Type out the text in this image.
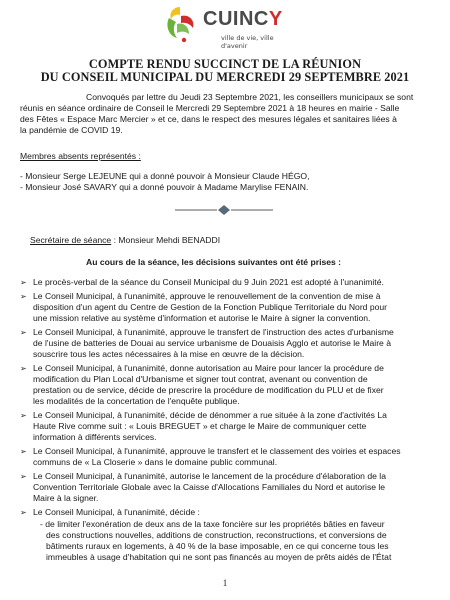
CUINCY
ville de vie, ville d'avenir
COMPTE RENDU SUCCINCT DE LA RÉUNION
DU CONSEIL MUNICIPAL DU MERCREDI 29 SEPTEMBRE 2021
Convoqués par lettre du Jeudi 23 Septembre 2021, les conseillers municipaux se sont
réunis en séance ordinaire de Conseil le Mercredi 29 Septembre 2021 à 18 heures en mairie - Salle
des Fêtes « Espace Marc Mercier » et ce, dans le respect des mesures légales et sanitaires liées à
la pandémie de COVID 19.
Membres absents représentés :
- Monsieur Serge LEJEUNE qui a donné pouvoir à Monsieur Claude HÉGO,
- Monsieur José SAVARY qui a donné pouvoir à Madame Marylise FENAIN.
Secrétaire de séance : Monsieur Mehdi BENADDI
Au cours de la séance, les décisions suivantes ont été prises :
➢ Le procès-verbal de la séance du Conseil Municipal du 9 Juin 2021 est adopté à l'unanimité.
➢ Le Conseil Municipal, à l'unanimité, approuve le renouvellement de la convention de mise à
disposition d'un agent du Centre de Gestion de la Fonction Publique Territoriale du Nord pour
une mission relative au système d'information et autorise le Maire à signer la convention.
➢ Le Conseil Municipal, à l'unanimité, approuve le transfert de l'instruction des actes d'urbanisme
de l'usine de batteries de Douai au service urbanisme de Douaisis Agglo et autorise le Maire à
souscrire tous les actes nécessaires à la mise en œuvre de la décision.
➢ Le Conseil Municipal, à l'unanimité, donne autorisation au Maire pour lancer la procédure de
modification du Plan Local d'Urbanisme et signer tout contrat, avenant ou convention de
prestation ou de service, décide de prescrire la procédure de modification du PLU et de fixer
les modalités de la concertation de l'enquête publique.
➢ Le Conseil Municipal, à l'unanimité, décide de dénommer a rue située à la zone d'activités La
Haute Rive comme suit : « Louis BREGUET » et charge le Maire de communiquer cette
information à différents services.
➢ Le Conseil Municipal, à l'unanimité, approuve le transfert et le classement des voiries et espaces
communs de « La Closerie » dans le domaine public communal.
➢ Le Conseil Municipal, à l'unanimité, autorise le lancement de la procédure d'élaboration de la
Convention Territoriale Globale avec la Caisse d'Allocations Familiales du Nord et autorise le
Maire à la signer.
➢ Le Conseil Municipal, à l'unanimité, décide :
- de limiter l'exonération de deux ans de la taxe foncière sur les propriétés bâties en faveur
des constructions nouvelles, additions de construction, reconstructions, et conversions de
bâtiments ruraux en logements, à 40 % de la base imposable, en ce qui concerne tous les
immeubles à usage d'habitation qui ne sont pas financés au moyen de prêts aidés de l'État
1
